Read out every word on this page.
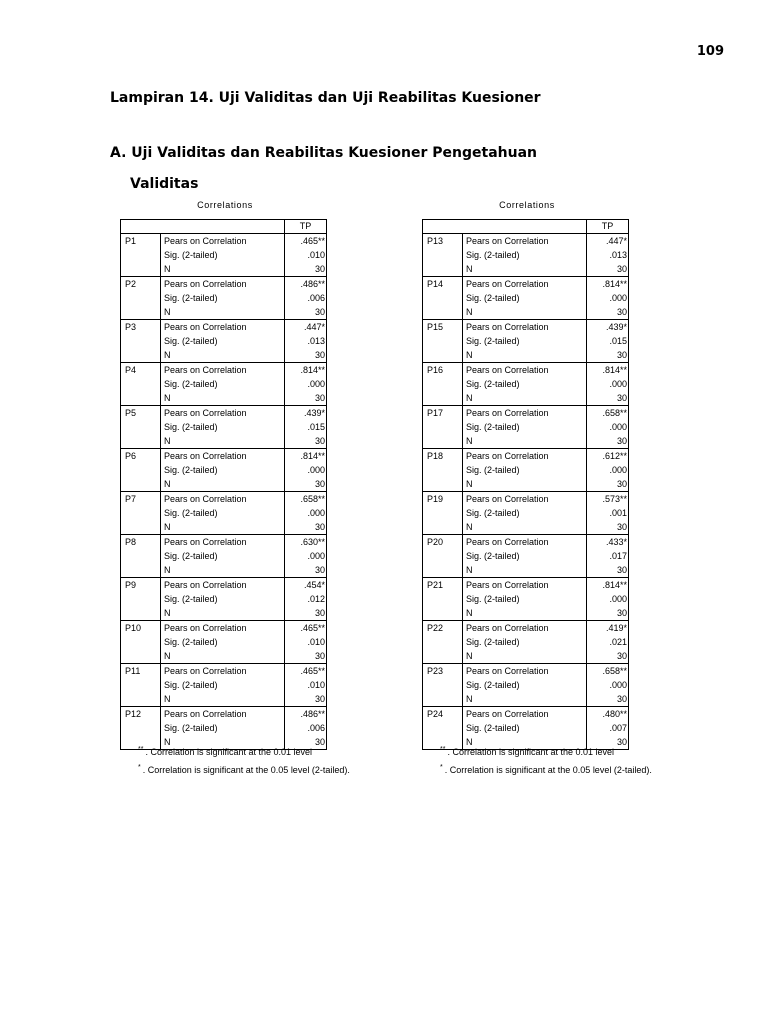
109
Lampiran 14. Uji Validitas dan Uji Reabilitas Kuesioner
A. Uji Validitas dan Reabilitas Kuesioner Pengetahuan
Validitas
Correlations	Correlations
		TP
P1	Pears on Correlation	.465**
	Sig. (2-tailed)	.010
	N	30
P2	Pears on Correlation	.486**
	Sig. (2-tailed)	.006
	N	30
P3	Pears on Correlation	.447*
	Sig. (2-tailed)	.013
	N	30
P4	Pears on Correlation	.814**
	Sig. (2-tailed)	.000
	N	30
P5	Pears on Correlation	.439*
	Sig. (2-tailed)	.015
	N	30
P6	Pears on Correlation	.814**
	Sig. (2-tailed)	.000
	N	30
P7	Pears on Correlation	.658**
	Sig. (2-tailed)	.000
	N	30
P8	Pears on Correlation	.630**
	Sig. (2-tailed)	.000
	N	30
P9	Pears on Correlation	.454*
	Sig. (2-tailed)	.012
	N	30
P10	Pears on Correlation	.465**
	Sig. (2-tailed)	.010
	N	30
P11	Pears on Correlation	.465**
	Sig. (2-tailed)	.010
	N	30
P12	Pears on Correlation	.486**
	Sig. (2-tailed)	.006
	N	30
		TP
P13	Pears on Correlation	.447*
	Sig. (2-tailed)	.013
	N	30
P14	Pears on Correlation	.814**
	Sig. (2-tailed)	.000
	N	30
P15	Pears on Correlation	.439*
	Sig. (2-tailed)	.015
	N	30
P16	Pears on Correlation	.814**
	Sig. (2-tailed)	.000
	N	30
P17	Pears on Correlation	.658**
	Sig. (2-tailed)	.000
	N	30
P18	Pears on Correlation	.612**
	Sig. (2-tailed)	.000
	N	30
P19	Pears on Correlation	.573**
	Sig. (2-tailed)	.001
	N	30
P20	Pears on Correlation	.433*
	Sig. (2-tailed)	.017
	N	30
P21	Pears on Correlation	.814**
	Sig. (2-tailed)	.000
	N	30
P22	Pears on Correlation	.419*
	Sig. (2-tailed)	.021
	N	30
P23	Pears on Correlation	.658**
	Sig. (2-tailed)	.000
	N	30
P24	Pears on Correlation	.480**
	Sig. (2-tailed)	.007
	N	30
** . Correlation is significant at the 0.01 level
* . Correlation is significant at the 0.05 level (2-tailed).
** . Correlation is significant at the 0.01 level
* . Correlation is significant at the 0.05 level (2-tailed).
